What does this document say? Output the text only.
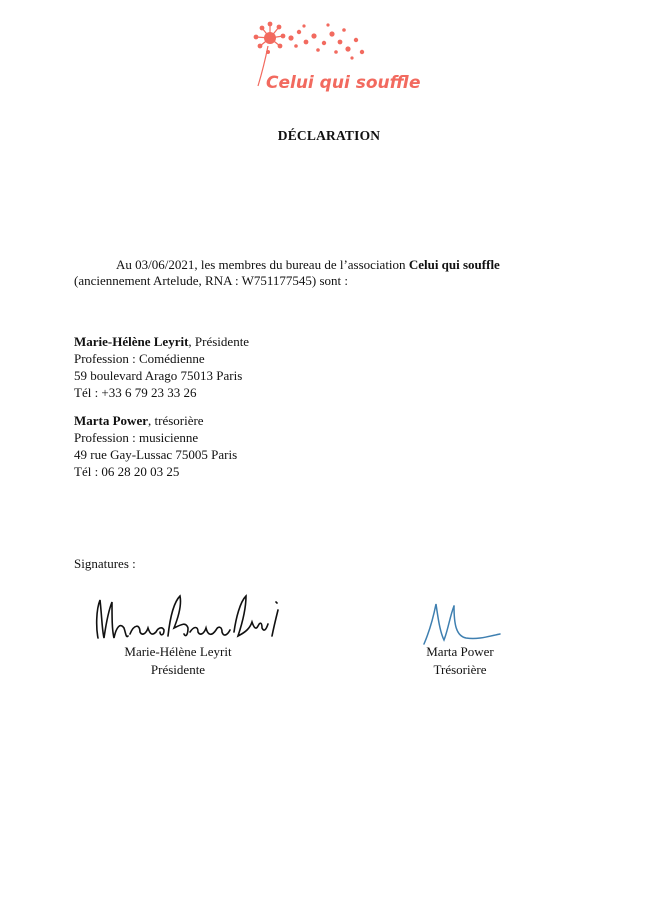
Celui qui souffle
DÉCLARATION
Au 03/06/2021, les membres du bureau de l’association Celui qui souffle
(anciennement Artelude, RNA : W751177545) sont :
Marie-Hélène Leyrit, Présidente
Profession : Comédienne
59 boulevard Arago 75013 Paris
Tél : +33 6 79 23 33 26
Marta Power, trésorière
Profession : musicienne
49 rue Gay-Lussac 75005 Paris
Tél : 06 28 20 03 25
Signatures :
Marie-Hélène Leyrit
Présidente
Marta Power
Trésorière
